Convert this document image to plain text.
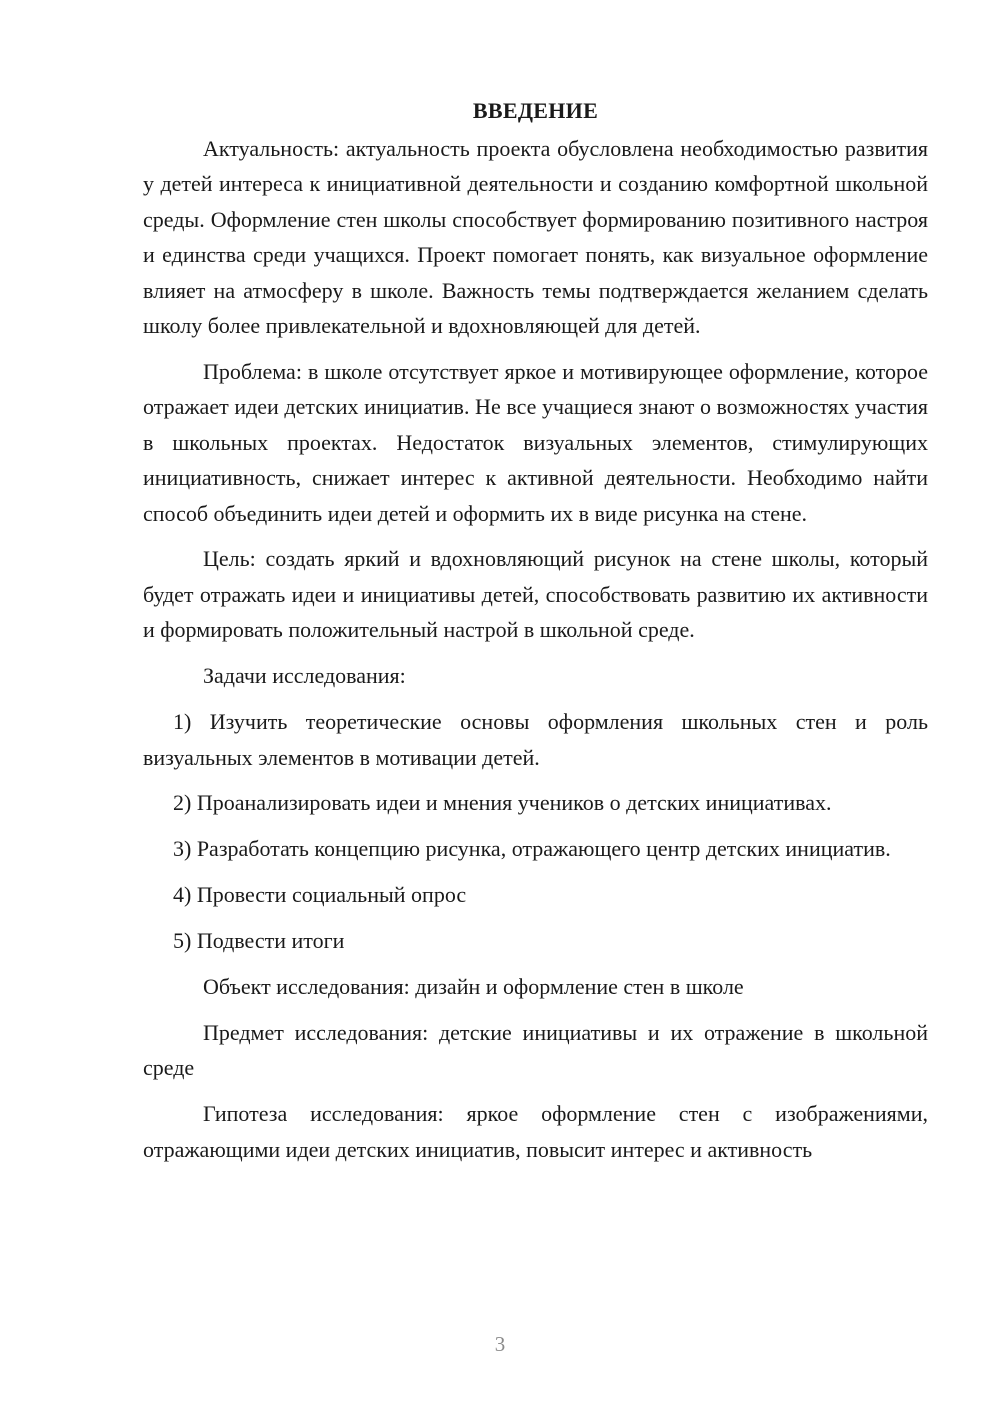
ВВЕДЕНИЕ

Актуальность: актуальность проекта обусловлена необходимостью развития у детей интереса к инициативной деятельности и созданию комфортной школьной среды. Оформление стен школы способствует формированию позитивного настроя и единства среди учащихся. Проект помогает понять, как визуальное оформление влияет на атмосферу в школе. Важность темы подтверждается желанием сделать школу более привлекательной и вдохновляющей для детей.

Проблема: в школе отсутствует яркое и мотивирующее оформление, которое отражает идеи детских инициатив. Не все учащиеся знают о возможностях участия в школьных проектах. Недостаток визуальных элементов, стимулирующих инициативность, снижает интерес к активной деятельности. Необходимо найти способ объединить идеи детей и оформить их в виде рисунка на стене.

Цель: создать яркий и вдохновляющий рисунок на стене школы, который будет отражать идеи и инициативы детей, способствовать развитию их активности и формировать положительный настрой в школьной среде.

Задачи исследования:

1) Изучить теоретические основы оформления школьных стен и роль визуальных элементов в мотивации детей.

2) Проанализировать идеи и мнения учеников о детских инициативах.

3) Разработать концепцию рисунка, отражающего центр детских инициатив.

4) Провести социальный опрос

5) Подвести итоги

Объект исследования: дизайн и оформление стен в школе

Предмет исследования: детские инициативы и их отражение в школьной среде

Гипотеза исследования: яркое оформление стен с изображениями, отражающими идеи детских инициатив, повысит интерес и активность

3
